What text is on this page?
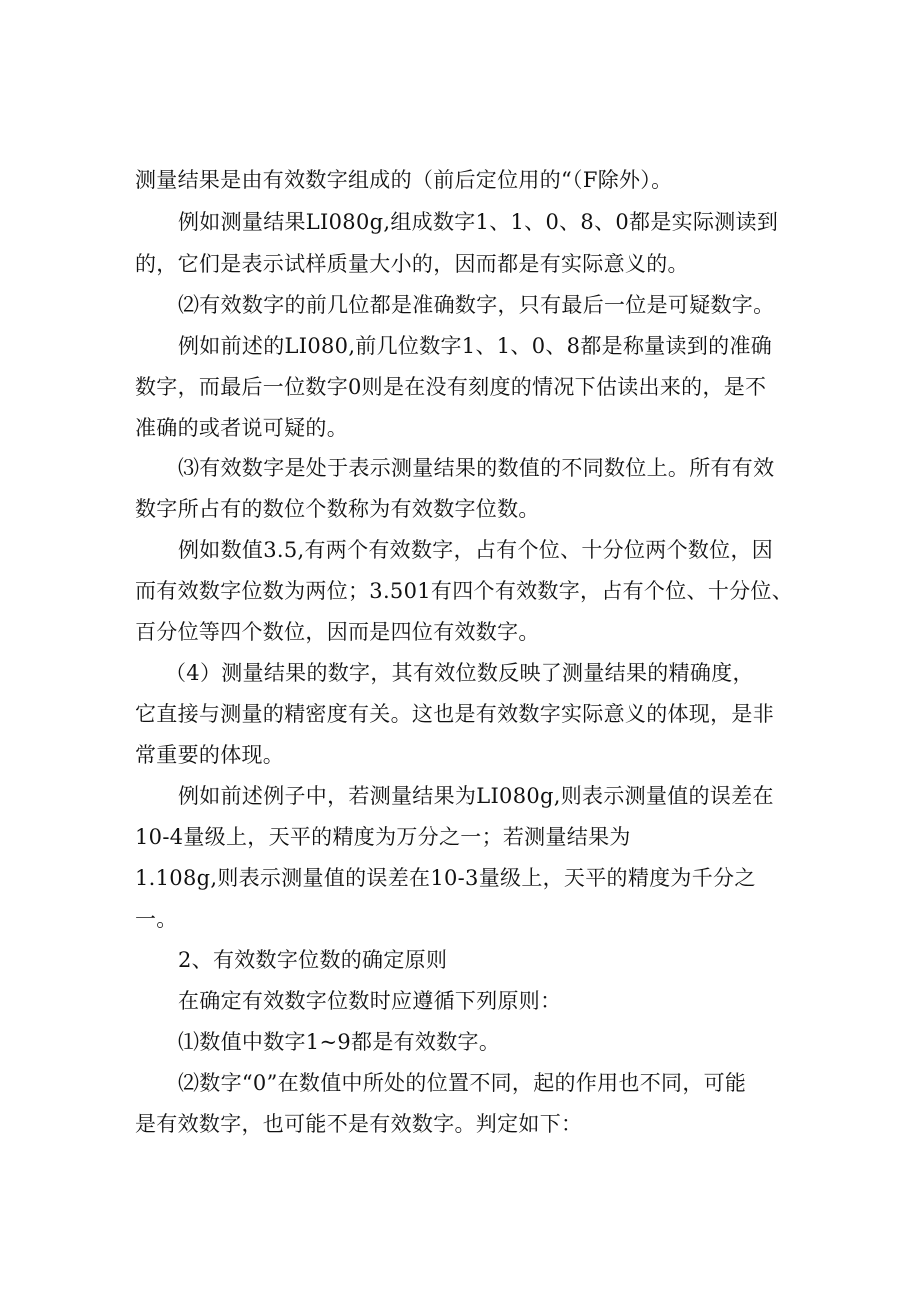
测量结果是由有效数字组成的（前后定位用的“（F除外）。
例如测量结果LI080g,组成数字1、1、0、8、0都是实际测读到
的，它们是表示试样质量大小的，因而都是有实际意义的。
⑵有效数字的前几位都是准确数字，只有最后一位是可疑数字。
例如前述的LI080,前几位数字1、1、0、8都是称量读到的准确
数字，而最后一位数字0则是在没有刻度的情况下估读出来的，是不
准确的或者说可疑的。
⑶有效数字是处于表示测量结果的数值的不同数位上。所有有效
数字所占有的数位个数称为有效数字位数。
例如数值3.5,有两个有效数字，占有个位、十分位两个数位，因
而有效数字位数为两位；3.501有四个有效数字，占有个位、十分位、
百分位等四个数位，因而是四位有效数字。
（4）测量结果的数字，其有效位数反映了测量结果的精确度，
它直接与测量的精密度有关。这也是有效数字实际意义的体现，是非
常重要的体现。
例如前述例子中，若测量结果为LI080g,则表示测量值的误差在
10-4量级上，天平的精度为万分之一；若测量结果为
1.108g,则表示测量值的误差在10-3量级上，天平的精度为千分之
一。
2、有效数字位数的确定原则
在确定有效数字位数时应遵循下列原则：
⑴数值中数字1~9都是有效数字。
⑵数字“0”在数值中所处的位置不同，起的作用也不同，可能
是有效数字，也可能不是有效数字。判定如下：
